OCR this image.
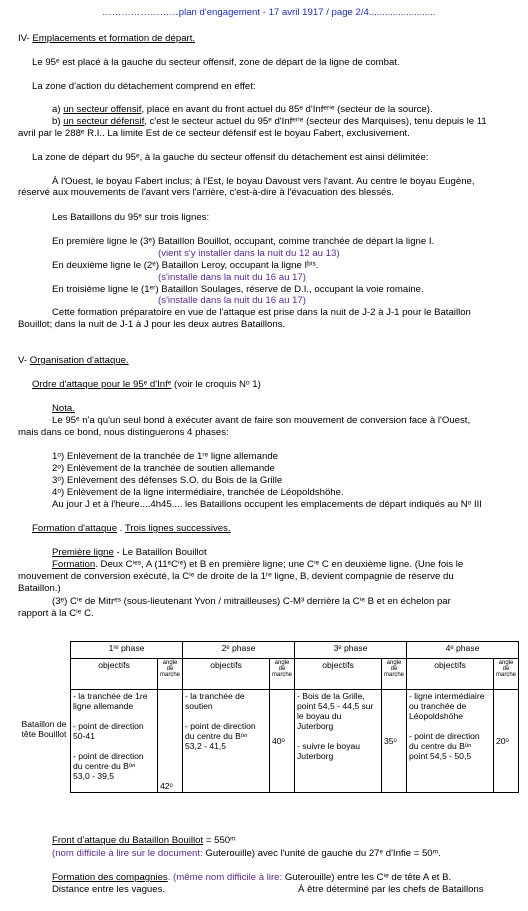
……………………plan d'engagement - 17 avril 1917 / page 2/4.........................
IV- Emplacements et formation de départ.
Le 95ᵉ est placé à la gauche du secteur offensif, zone de départ de la ligne de combat.
La zone d'action du détachement comprend en effet:
a) un secteur offensif, placé en avant du front actuel du 85ᵉ d'Infᵉʳⁱᵉ (secteur de la source).
b) un secteur défensif, c'est le secteur actuel du 95ᵉ d'Infᵉʳⁱᵉ (secteur des Marquises), tenu depuis le 11
avril par le 288ᵉ R.I.. La limite Est de ce secteur défensif est le boyau Fabert, exclusivement.
La zone de départ du 95ᵉ, à la gauche du secteur offensif du détachement est ainsi délimitée:
À l'Ouest, le boyau Fabert inclus; à l'Est, le boyau Davoust vers l'avant. Au centre le boyau Eugène,
réservé aux mouvements de l'avant vers l'arrière, c'est-à-dire à l'évacuation des blessés.
Les Bataillons du 95ᵉ sur trois lignes:
En première ligne le (3ᵉ) Bataillon Bouillot, occupant, comme tranchée de départ la ligne I.
(vient s'y installer dans la nuit du 12 au 13)
En deuxième ligne le (2ᵉ) Bataillon Leroy, occupant la ligne Iᵇⁱˢ.
(s'installe dans la nuit du 16 au 17)
En troisième ligne le (1ᵉʳ) Bataillon Soulages, réserve de D.I., occupant la voie romaine.
(s'installe dans la nuit du 16 au 17)
Cette formation préparatoire en vue de l'attaque est prise dans la nuit de J-2 à J-1 pour le Bataillon
Bouillot; dans la nuit de J-1 à J pour les deux autres Bataillons.
V- Organisation d'attaque.
Ordre d'attaque pour le 95ᵉ d'Infᵉ (voir le croquis Nᵒ 1)
Nota.
Le 95ᵉ n'a qu'un seul bond à exécuter avant de faire son mouvement de conversion face à l'Ouest,
mais dans ce bond, nous distinguerons 4 phases:
1ᵒ) Enlèvement de la tranchée de 1ʳᵉ ligne allemande
2ᵒ) Enlèvement de la tranchée de soutien allemande
3ᵒ) Enlèvement des défenses S.O. du Bois de la Grille
4ᵒ) Enlèvement de la ligne intermédiaire, tranchée de Léopoldshöhe.
Au jour J et à l'heure....4h45.... les Bataillons occupent les emplacements de départ indiqués au Nᵒ III
Formation d'attaque . Trois lignes successives.
Première ligne - Le Bataillon Bouillot
Formation. Deux Cⁱᵉˢ, A (11ᵉCⁱᵉ) et B en première ligne; une Cⁱᵉ C en deuxième ligne. (Une fois le
mouvement de conversion exécuté, la Cⁱᵉ de droite de la 1ʳᵉ ligne, B, devient compagnie de réserve du
Bataillon.)
(3ᵉ) Cⁱᵉ de Mitrᵉˢ (sous-lieutenant Yvon / mitrailleuses) C-M³ derrière la Cⁱᵉ B et en échelon par
rapport à la Cⁱᵉ C.
Bataillon de tête Bouillot
1ʳᵉ phase		2ᵉ phase		3ᵉ phase		4ᵉ phase	
objectifs	angle de marche	objectifs	angle de marche	objectifs	angle de marche	objectifs	angle de marche
- la tranchée de 1re ligne allemande

- point de direction 50-41

- point de direction du centre du Bᵒⁿ  53,0 - 39,5	42ᵒ	- la tranchée de soutien

- point de direction du centre du Bᵒⁿ  53,2 - 41,5	40ᵒ	- Bois de la Grille, point 54,5 - 44,5 sur le boyau du Juterborg

- suivre le boyau Juterborg	35ᵒ	- ligne intermédiaire ou tranchée de Léopoldshöhe

- point de direction du centre du Bᵒⁿ point 54,5 - 50,5	20ᵒ
Front d'attaque du Bataillon Bouillot = 550ᵐ
(nom difficile à lire sur le document: Guterouille) avec l'unité de gauche du 27ᵉ d'Infie = 50ᵐ.
Formation des compagnies. (même nom difficile à lire: Guterouille) entre les Cⁱᵉ de tête A et B.
Distance entre les vagues.	À être déterminé par les chefs de Bataillons
